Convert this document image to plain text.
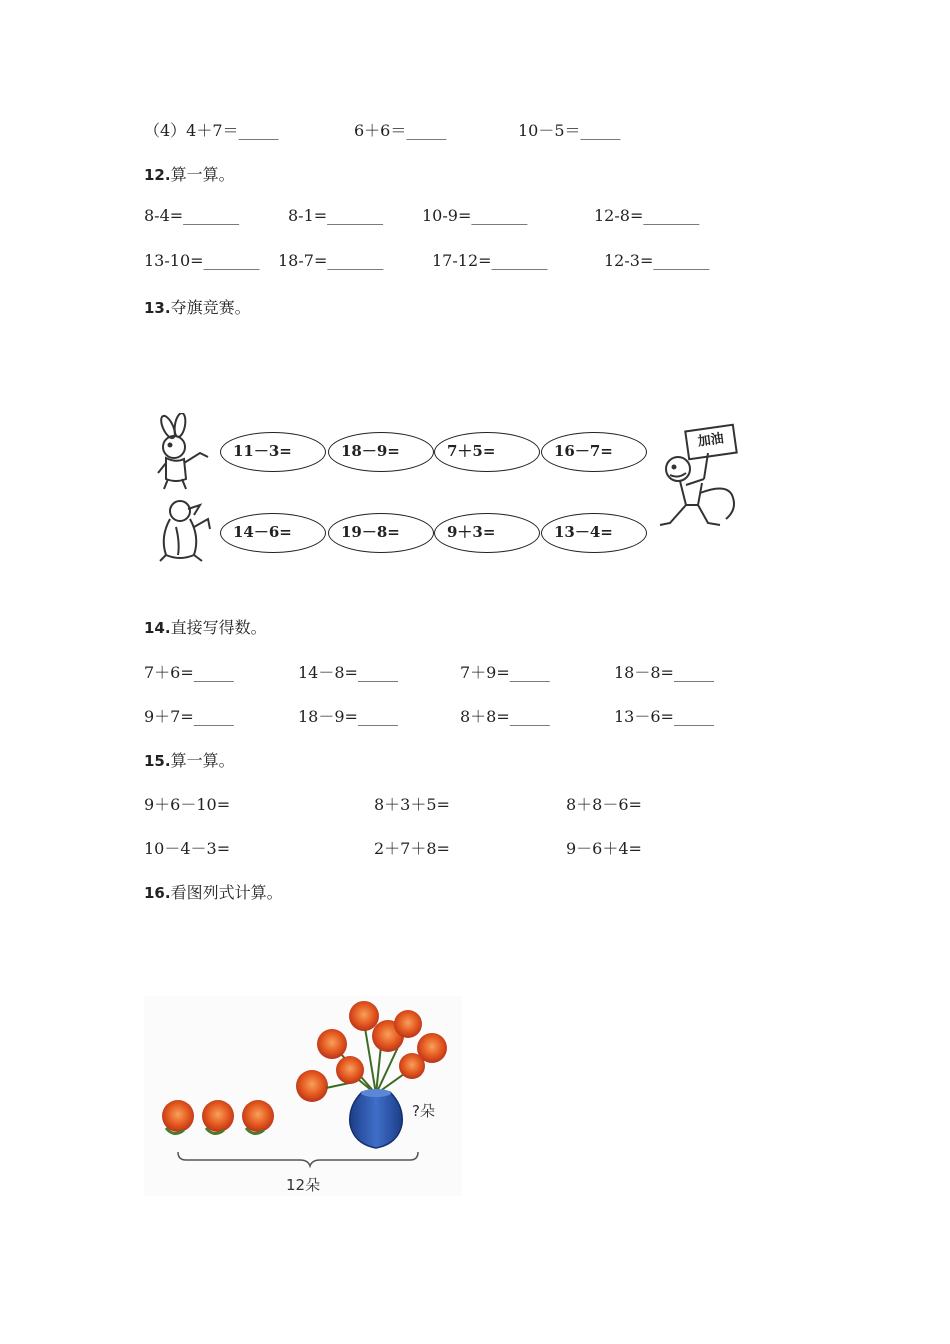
（4）4＋7＝_____	6＋6＝_____	10－5＝_____
12.算一算。
8-4=_______	8-1=_______ 10-9=_______	12-8=_______
13-10=_______ 18-7=_______	17-12=_______	12-3=_______
13.夺旗竞赛。
11－3=	18－9=	7＋5=	16－7=
14－6=	19－8=	9＋3=	13－4=
加油
14.直接写得数。
7＋6=_____	14－8=_____	7＋9=_____	18－8=_____
9＋7=_____	18－9=_____	8＋8=_____	13－6=_____
15.算一算。
9＋6－10=	8＋3＋5=	8＋8－6=
10－4－3=	2＋7＋8=	9－6＋4=
16.看图列式计算。
?朵
12朵
